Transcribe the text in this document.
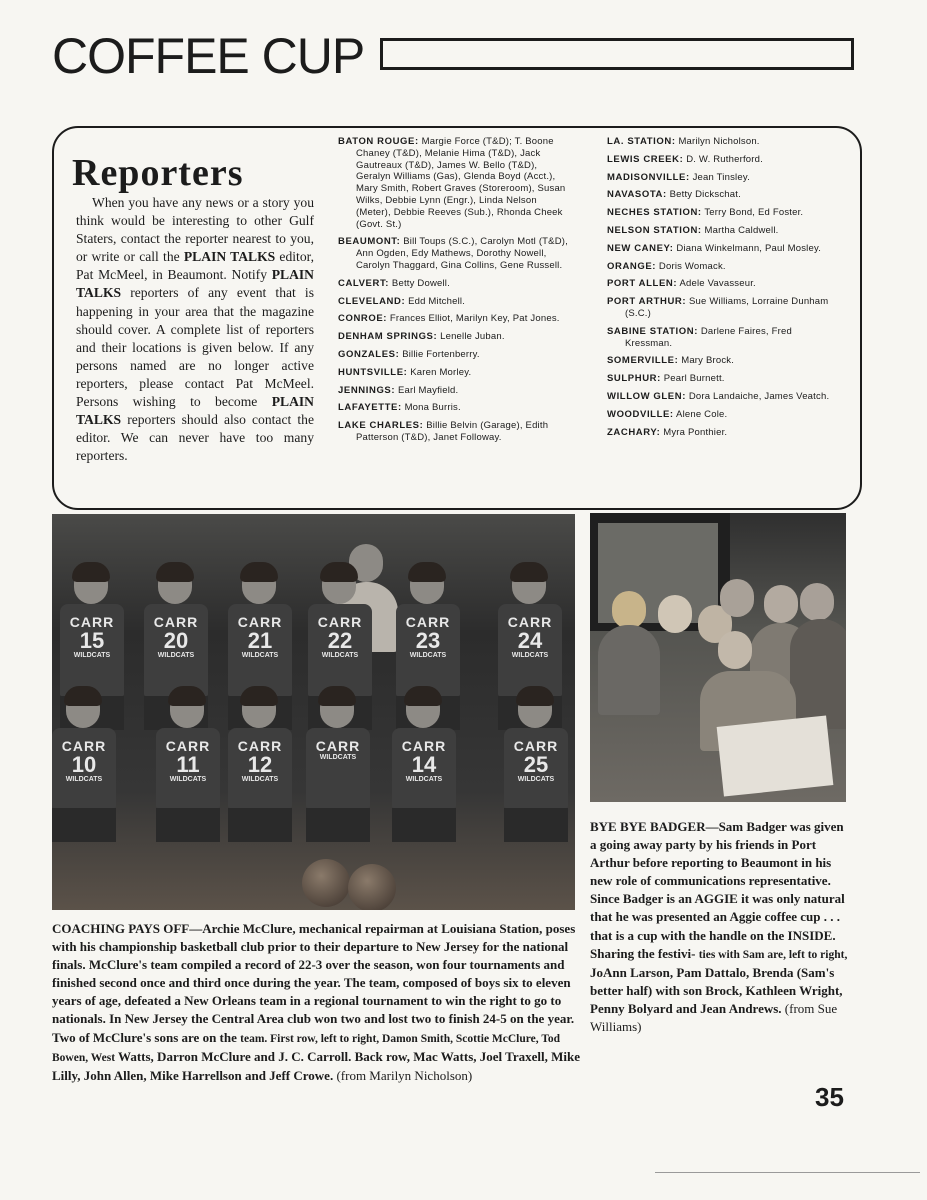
COFFEE CUP
Reporters

When you have any news or a story you think would be interesting to other Gulf Staters, contact the reporter nearest to you, or write or call the PLAIN TALKS editor, Pat McMeel, in Beaumont. Notify PLAIN TALKS reporters of any event that is happening in your area that the magazine should cover. A complete list of reporters and their locations is given below. If any persons named are no longer active reporters, please contact Pat McMeel. Persons wishing to become PLAIN TALKS reporters should also contact the editor. We can never have too many reporters.

BATON ROUGE: Margie Force (T&D); T. Boone Chaney (T&D), Melanie Hima (T&D), Jack Gautreaux (T&D), James W. Bello (T&D), Geralyn Williams (Gas), Glenda Boyd (Acct.), Mary Smith, Robert Graves (Storeroom), Susan Wilks, Debbie Lynn (Engr.), Linda Nelson (Meter), Debbie Reeves (Sub.), Rhonda Cheek (Govt. St.)

BEAUMONT: Bill Toups (S.C.), Carolyn Motl (T&D), Ann Ogden, Edy Mathews, Dorothy Nowell, Carolyn Thaggard, Gina Collins, Gene Russell.

CALVERT: Betty Dowell.

CLEVELAND: Edd Mitchell.

CONROE: Frances Elliot, Marilyn Key, Pat Jones.

DENHAM SPRINGS: Lenelle Juban.

GONZALES: Billie Fortenberry.

HUNTSVILLE: Karen Morley.

JENNINGS: Earl Mayfield.

LAFAYETTE: Mona Burris.

LAKE CHARLES: Billie Belvin (Garage), Edith Patterson (T&D), Janet Followay.

LA. STATION: Marilyn Nicholson.

LEWIS CREEK: D. W. Rutherford.

MADISONVILLE: Jean Tinsley.

NAVASOTA: Betty Dickschat.

NECHES STATION: Terry Bond, Ed Foster.

NELSON STATION: Martha Caldwell.

NEW CANEY: Diana Winkelmann, Paul Mosley.

ORANGE: Doris Womack.

PORT ALLEN: Adele Vavasseur.

PORT ARTHUR: Sue Williams, Lorraine Dunham (S.C.)

SABINE STATION: Darlene Faires, Fred Kressman.

SOMERVILLE: Mary Brock.

SULPHUR: Pearl Burnett.

WILLOW GLEN: Dora Landaiche, James Veatch.

WOODVILLE: Alene Cole.

ZACHARY: Myra Ponthier.

CARR
15
WILDCATS
CARR
20
WILDCATS
CARR
21
WILDCATS
CARR
22
WILDCATS
CARR
23
WILDCATS
CARR
24
WILDCATS
CARR
10
WILDCATS
CARR
11
WILDCATS
CARR
12
WILDCATS
CARR
WILDCATS
CARR
14
WILDCATS
CARR
25
WILDCATS
COACHING PAYS OFF—Archie McClure, mechanical repairman at Louisiana Station, poses with his championship basketball club prior to their departure to New Jersey for the national finals. McClure's team compiled a record of 22-3 over the season, won four tournaments and finished second once and third once during the year. The team, composed of boys six to eleven years of age, defeated a New Orleans team in a regional tournament to win the right to go to nationals. In New Jersey the Central Area club won two and lost two to finish 24-5 on the year. Two of McClure's sons are on the team. First row, left to right, Damon Smith, Scottie McClure, Tod Bowen, West Watts, Darron McClure and J. C. Carroll. Back row, Mac Watts, Joel Traxell, Mike Lilly, John Allen, Mike Harrellson and Jeff Crowe. (from Marilyn Nicholson)
BYE BYE BADGER—Sam Badger was given a going away party by his friends in Port Arthur before reporting to Beaumont in his new role of communications representative. Since Badger is an AGGIE it was only natural that he was presented an Aggie coffee cup . . . that is a cup with the handle on the INSIDE. Sharing the festivi- ties with Sam are, left to right, JoAnn Larson, Pam Dattalo, Brenda (Sam's better half) with son Brock, Kathleen Wright, Penny Bolyard and Jean Andrews. (from Sue Williams)
35
